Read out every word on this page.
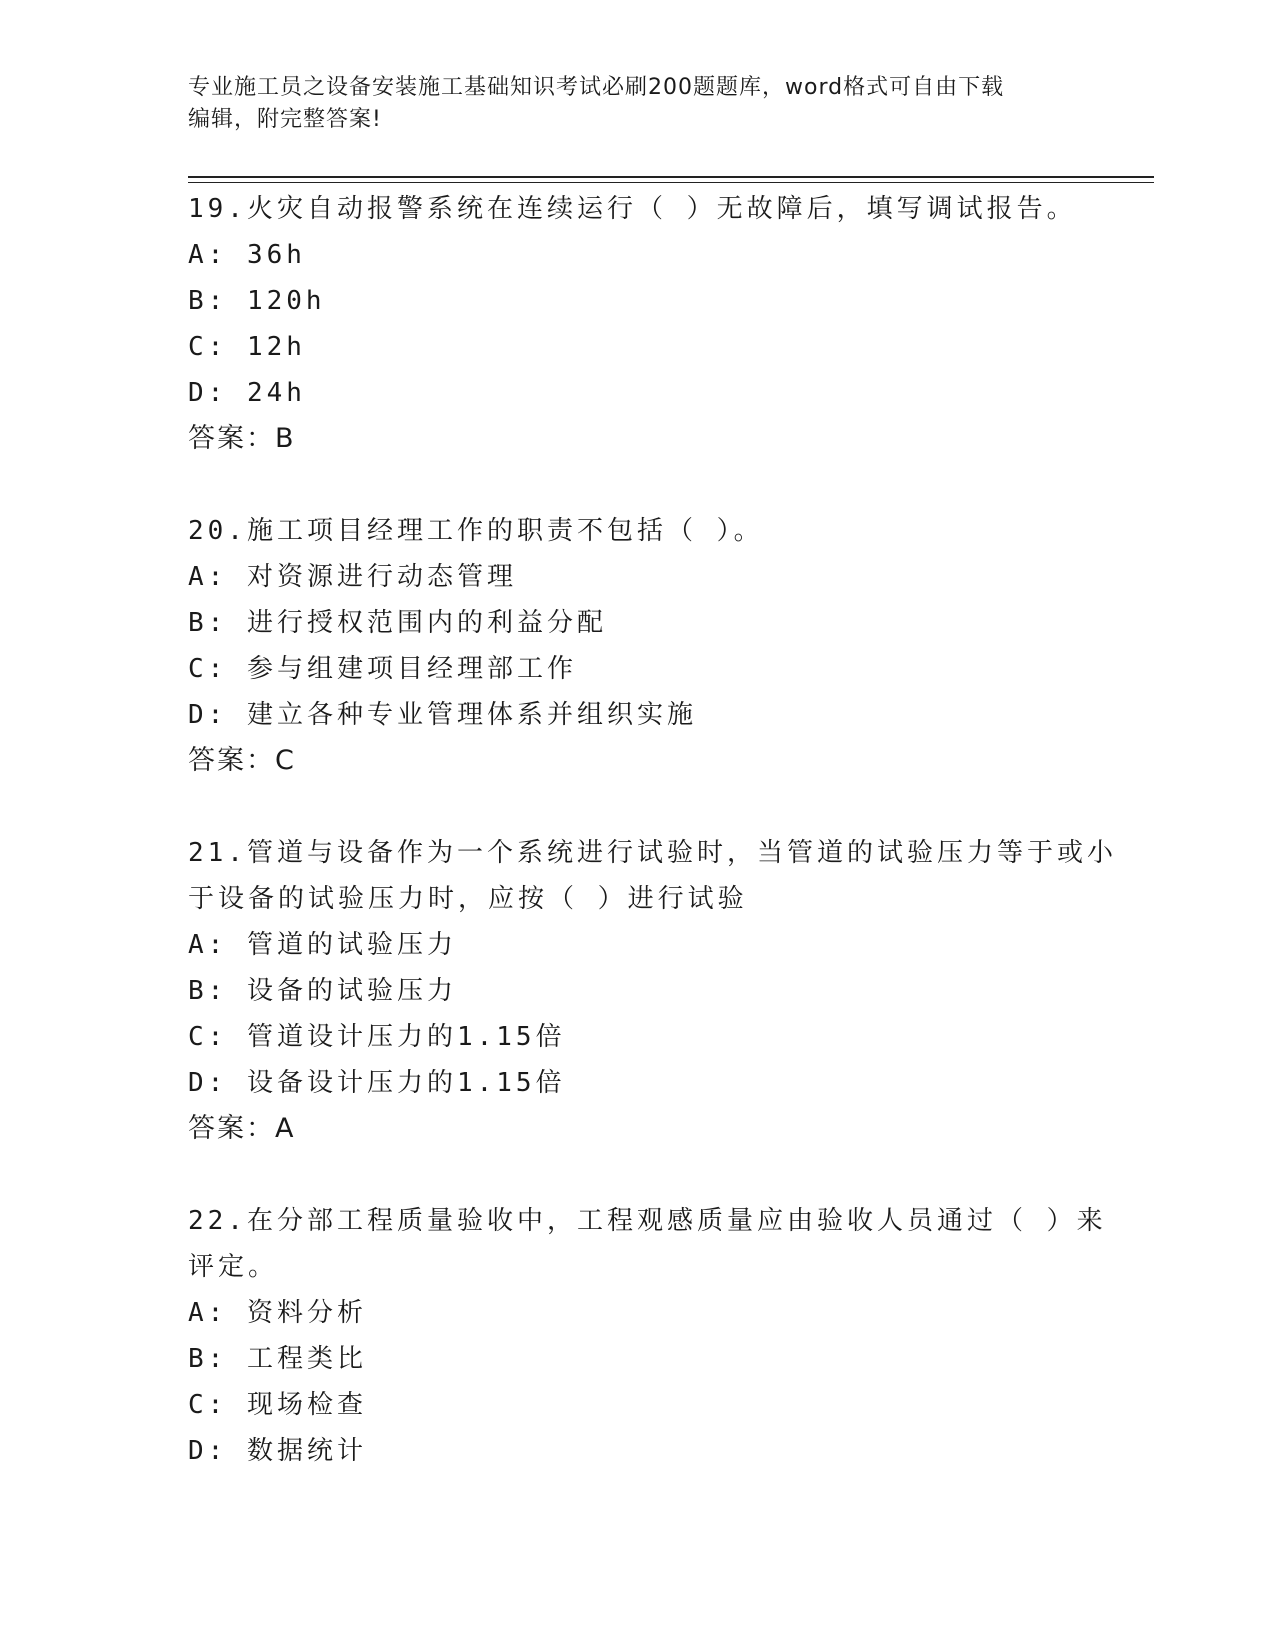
专业施工员之设备安装施工基础知识考试必刷200题题库，word格式可自由下载
编辑，附完整答案!
19.火灾自动报警系统在连续运行（ ）无故障后，填写调试报告。
A: 36h
B: 120h
C: 12h
D: 24h
答案：B
20.施工项目经理工作的职责不包括（ ）。
A: 对资源进行动态管理
B: 进行授权范围内的利益分配
C: 参与组建项目经理部工作
D: 建立各种专业管理体系并组织实施
答案：C
21.管道与设备作为一个系统进行试验时，当管道的试验压力等于或小
于设备的试验压力时，应按（ ）进行试验
A: 管道的试验压力
B: 设备的试验压力
C: 管道设计压力的1.15倍
D: 设备设计压力的1.15倍
答案：A
22.在分部工程质量验收中，工程观感质量应由验收人员通过（ ）来
评定。
A: 资料分析
B: 工程类比
C: 现场检查
D: 数据统计
